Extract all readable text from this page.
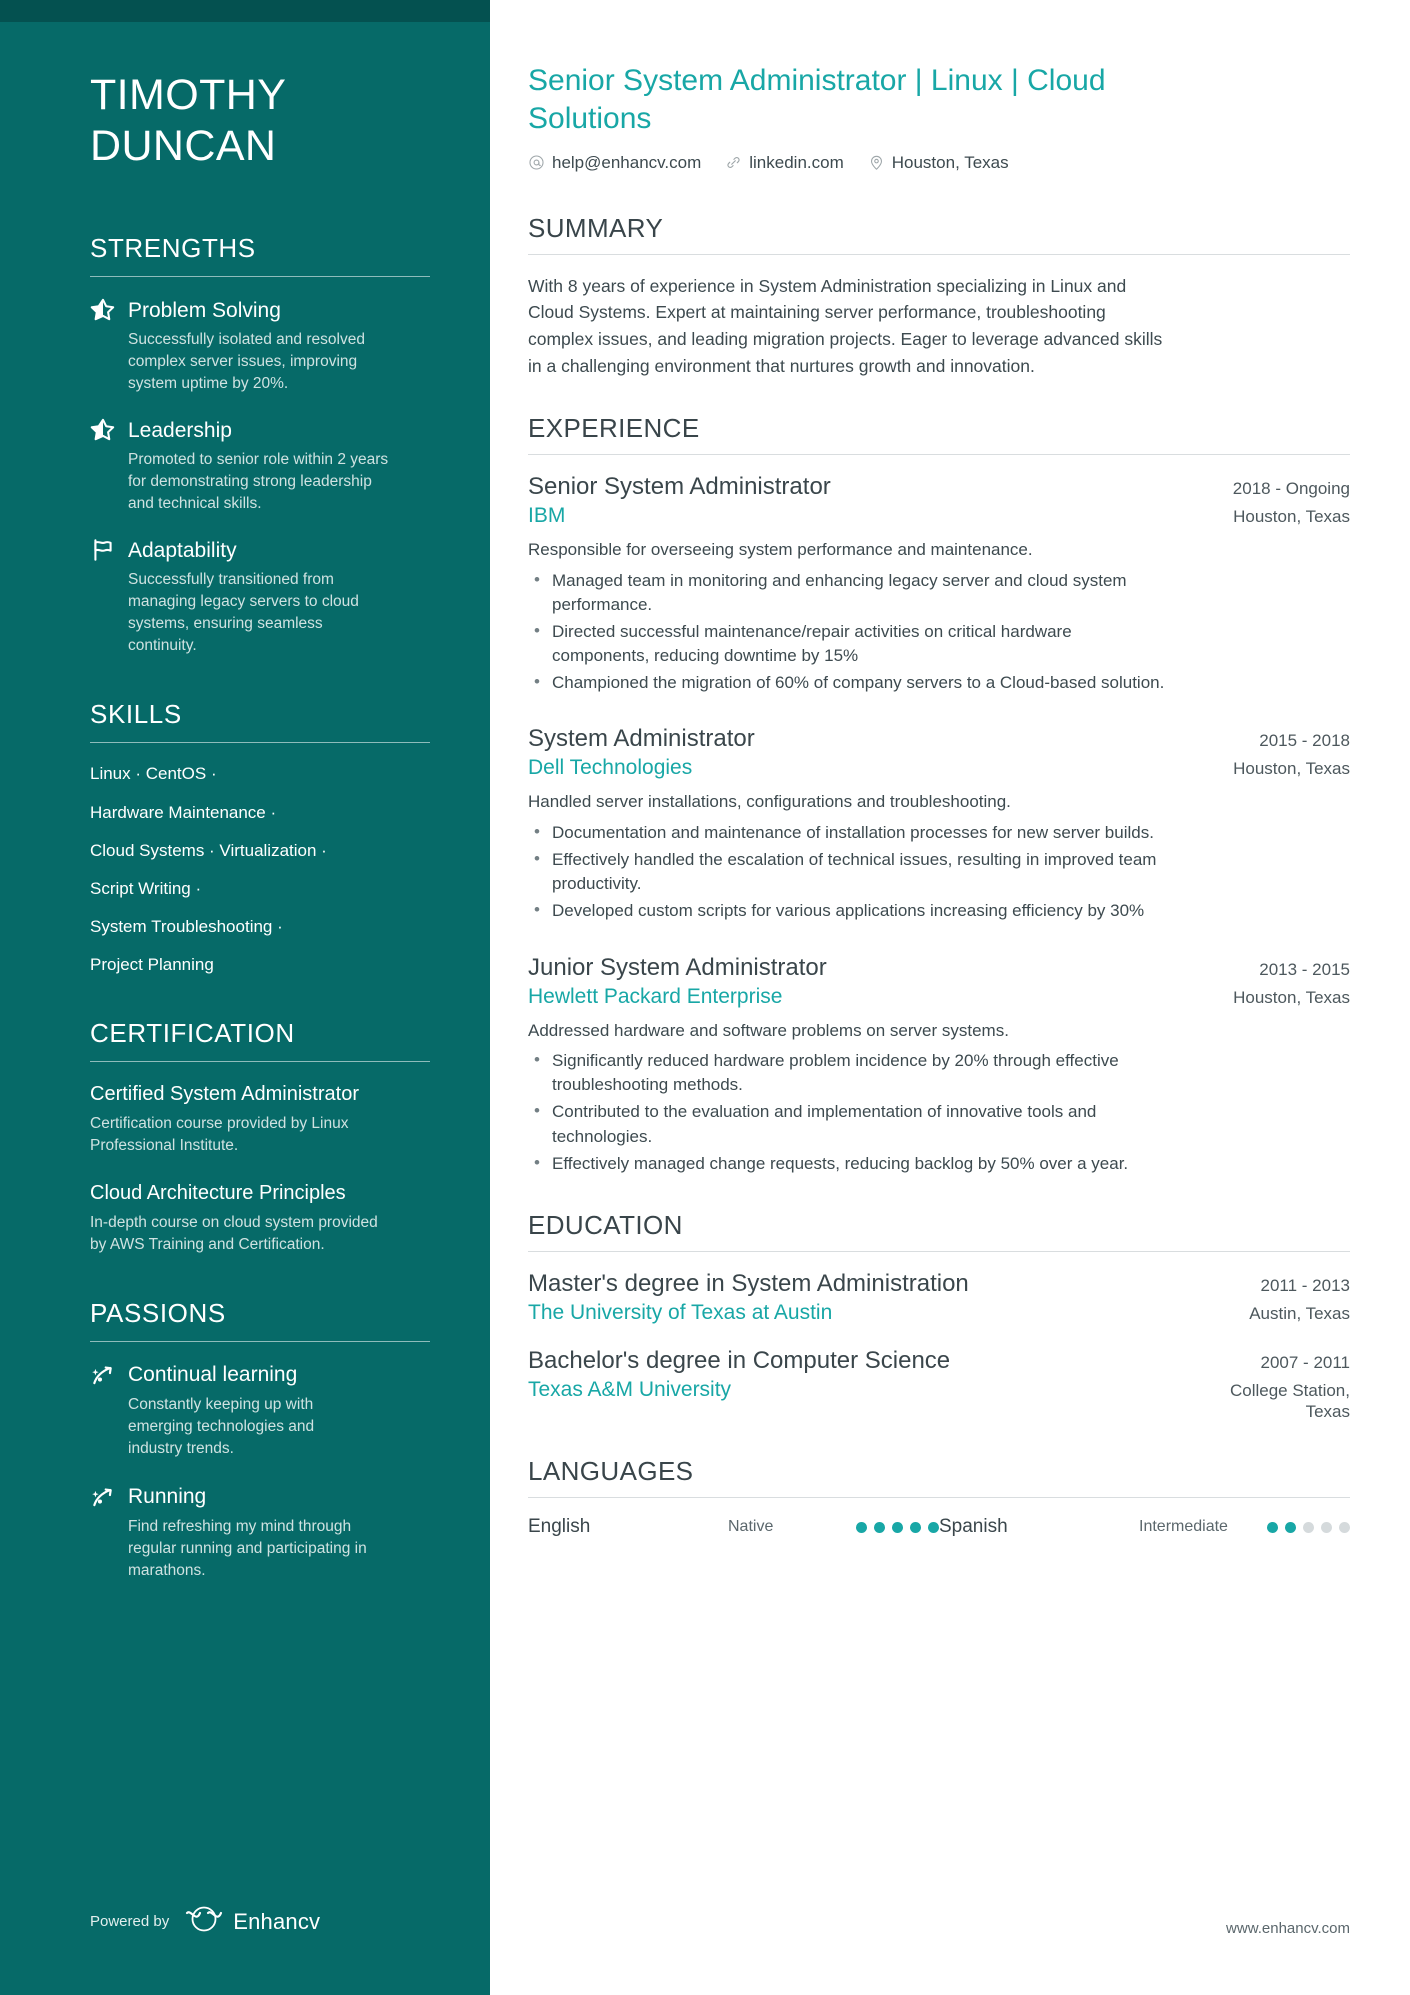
TIMOTHY
DUNCAN
STRENGTHS
Problem Solving
Successfully isolated and resolved complex server issues, improving system uptime by 20%.
Leadership
Promoted to senior role within 2 years for demonstrating strong leadership and technical skills.
Adaptability
Successfully transitioned from managing legacy servers to cloud systems, ensuring seamless continuity.
SKILLS
Linux · CentOS ·
Hardware Maintenance ·
Cloud Systems · Virtualization ·
Script Writing ·
System Troubleshooting ·
Project Planning
CERTIFICATION
Certified System Administrator
Certification course provided by Linux Professional Institute.
Cloud Architecture Principles
In-depth course on cloud system provided by AWS Training and Certification.
PASSIONS
Continual learning
Constantly keeping up with emerging technologies and industry trends.
Running
Find refreshing my mind through regular running and participating in marathons.
Powered by	Enhancv
Senior System Administrator | Linux | Cloud Solutions
help@enhancv.com	linkedin.com	Houston, Texas
SUMMARY

With 8 years of experience in System Administration specializing in Linux and Cloud Systems. Expert at maintaining server performance, troubleshooting complex issues, and leading migration projects. Eager to leverage advanced skills in a challenging environment that nurtures growth and innovation.

EXPERIENCE
Senior System Administrator	2018 - Ongoing
IBM	Houston, Texas
Responsible for overseeing system performance and maintenance.
• Managed team in monitoring and enhancing legacy server and cloud system performance.
• Directed successful maintenance/repair activities on critical hardware components, reducing downtime by 15%
• Championed the migration of 60% of company servers to a Cloud-based solution.
System Administrator	2015 - 2018
Dell Technologies	Houston, Texas
Handled server installations, configurations and troubleshooting.
• Documentation and maintenance of installation processes for new server builds.
• Effectively handled the escalation of technical issues, resulting in improved team productivity.
• Developed custom scripts for various applications increasing efficiency by 30%
Junior System Administrator	2013 - 2015
Hewlett Packard Enterprise	Houston, Texas
Addressed hardware and software problems on server systems.
• Significantly reduced hardware problem incidence by 20% through effective troubleshooting methods.
• Contributed to the evaluation and implementation of innovative tools and technologies.
• Effectively managed change requests, reducing backlog by 50% over a year.
EDUCATION
Master's degree in System Administration	2011 - 2013
The University of Texas at Austin	Austin, Texas
Bachelor's degree in Computer Science	2007 - 2011
Texas A&M University	College Station, Texas
LANGUAGES
English	Native	Spanish	Intermediate
www.enhancv.com
